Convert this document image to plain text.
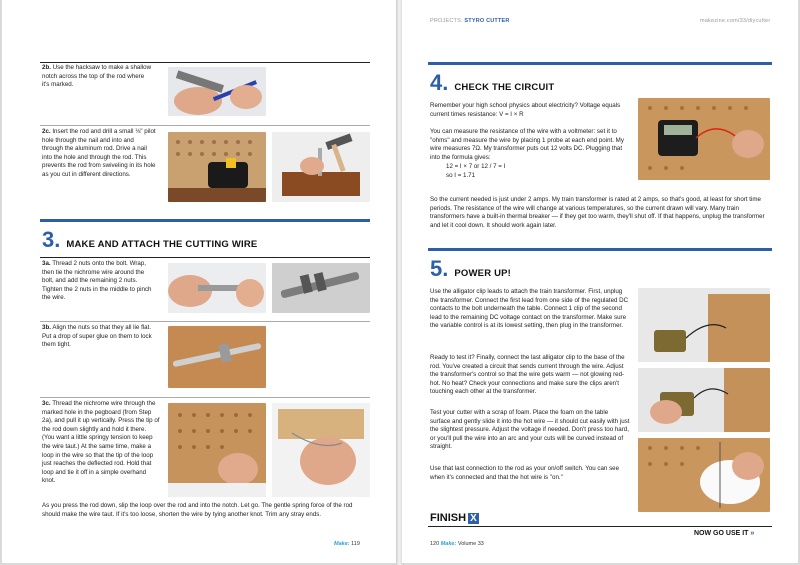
2b. Use the hacksaw to make a shallow notch across the top of the rod where it's marked.
2c. Insert the rod and drill a small ⅛" pilot hole through the nail and into and through the aluminum rod. Drive a nail into the hole and through the rod. This prevents the rod from swiveling in its hole as you cut in different directions.
3. MAKE AND ATTACH THE CUTTING WIRE
3a. Thread 2 nuts onto the bolt. Wrap, then tie the nichrome wire around the bolt, and add the remaining 2 nuts. Tighten the 2 nuts in the middle to pinch the wire.
3b. Align the nuts so that they all lie flat. Put a drop of super glue on them to lock them tight.
3c. Thread the nichrome wire through the marked hole in the pegboard (from Step 2a), and pull it up vertically. Press the tip of the rod down slightly and hold it there. (You want a little springy tension to keep the wire taut.) At the same time, make a loop in the wire so that the tip of the loop just reaches the deflected rod. Hold that loop and tie it off in a simple overhand knot.
As you press the rod down, slip the loop over the rod and into the notch. Let go. The gentle spring force of the rod should make the wire taut. If it's too loose, shorten the wire by tying another knot. Trim any stray ends.
Make: 119
PROJECTS: STYRO CUTTER	makezine.com/33/diycutter
4. CHECK THE CIRCUIT
Remember your high school physics about electricity? Voltage equals current times resistance: V = I × R
You can measure the resistance of the wire with a voltmeter: set it to "ohms" and measure the wire by placing 1 probe at each end point. My wire measures 7Ω. My transformer puts out 12 volts DC. Plugging that into the formula gives:
12 = I × 7 or 12 / 7 = I
so I = 1.71
So the current needed is just under 2 amps. My train transformer is rated at 2 amps, so that's good, at least for short time periods. The resistance of the wire will change at various temperatures, so the current drawn will vary. Many train transformers have a built-in thermal breaker — if they get too warm, they'll shut off. If that happens, unplug the transformer and let it cool down. It should work again later.
5. POWER UP!
Use the alligator clip leads to attach the train transformer. First, unplug the transformer. Connect the first lead from one side of the regulated DC contacts to the bolt underneath the table. Connect 1 clip of the second lead to the remaining DC voltage contact on the transformer. Make sure the variable control is at its lowest setting, then plug in the transformer.
Ready to test it? Finally, connect the last alligator clip to the base of the rod. You've created a circuit that sends current through the wire. Adjust the transformer's control so that the wire gets warm — not glowing red-hot. No heat? Check your connections and make sure the clips aren't touching each other at the transformer.
Test your cutter with a scrap of foam. Place the foam on the table surface and gently slide it into the hot wire — it should cut easily with just the slightest pressure. Adjust the voltage if needed. Don't press too hard, or you'll pull the wire into an arc and your cuts will be curved instead of straight.
Use that last connection to the rod as your on/off switch. You can see when it's connected and that the hot wire is "on."
FINISH X
NOW GO USE IT »
120 Make: Volume 33
